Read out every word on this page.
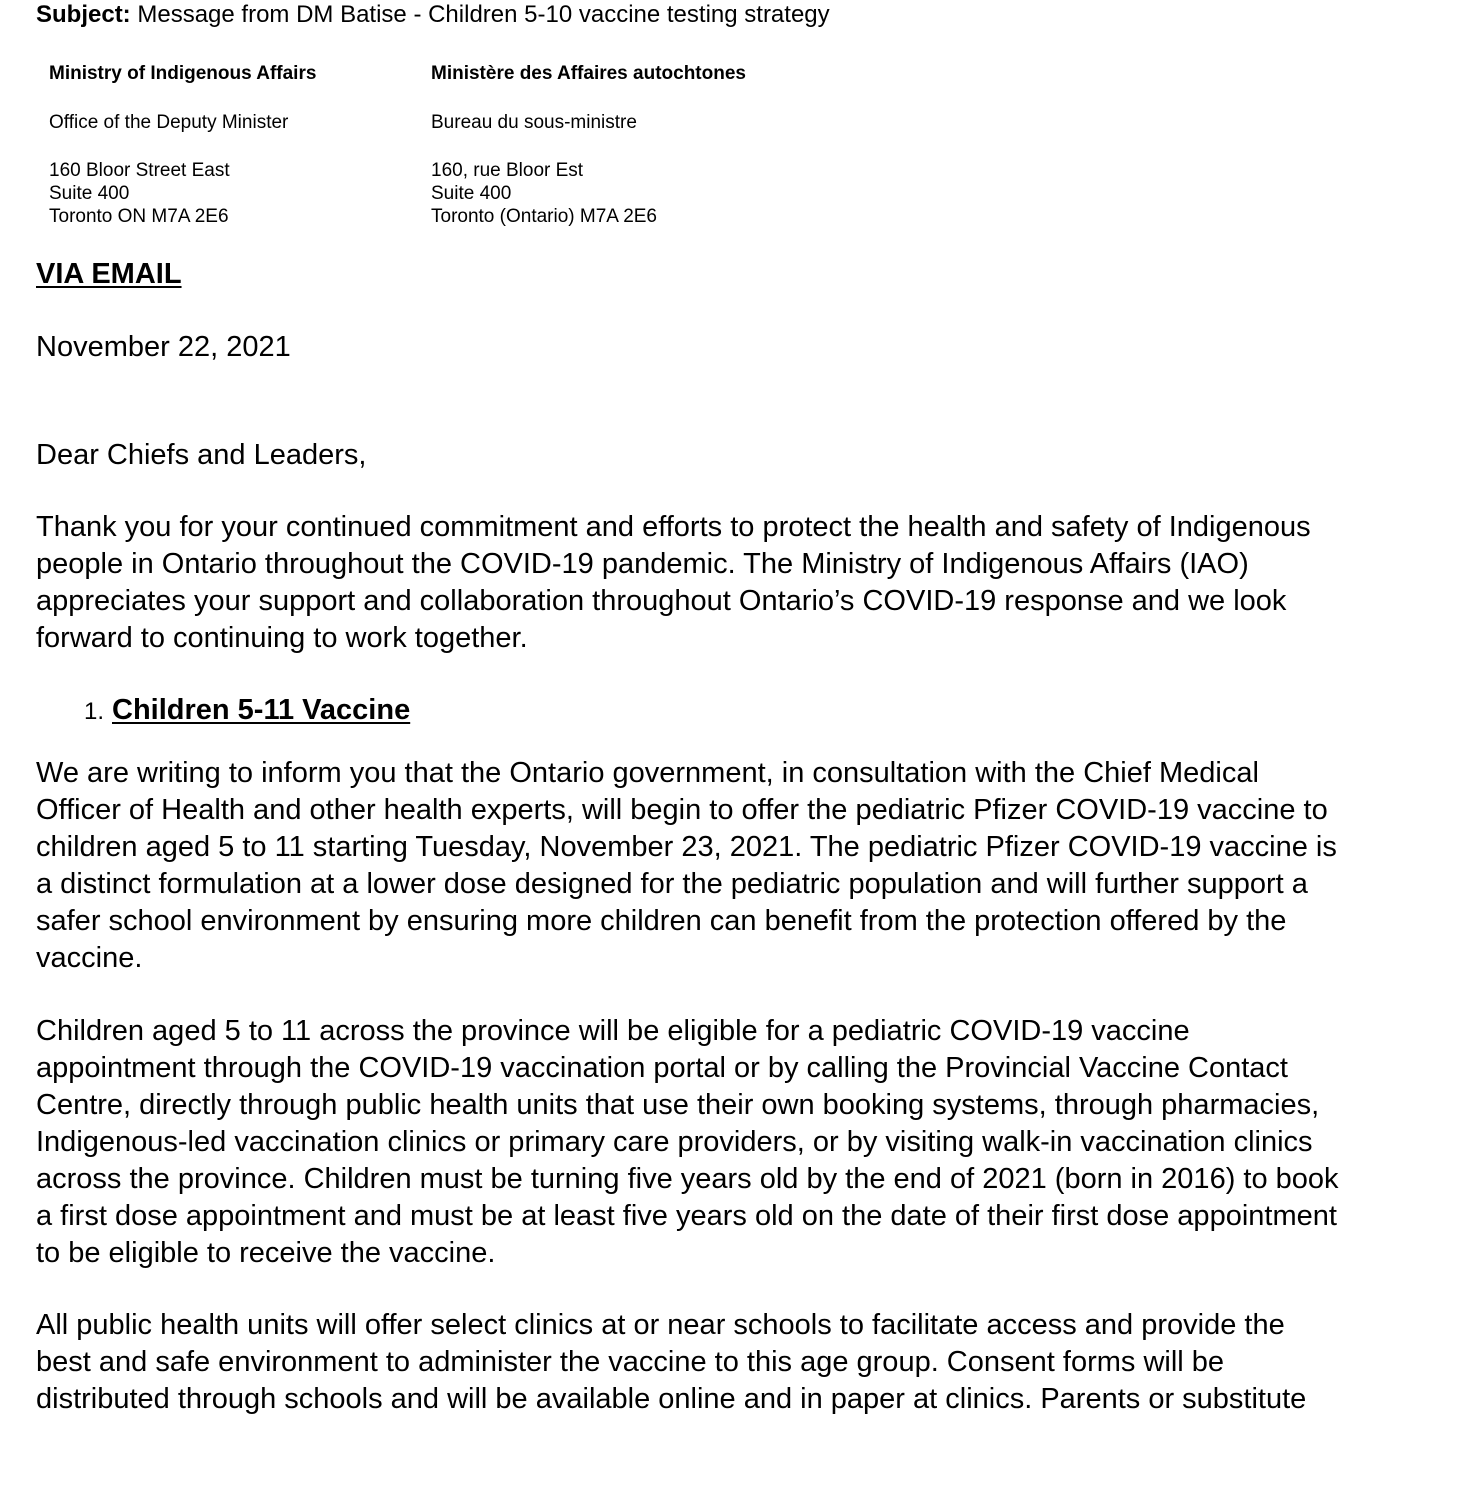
Subject: Message from DM Batise - Children 5-10 vaccine testing strategy
Ministry of Indigenous Affairs
Office of the Deputy Minister
160 Bloor Street East
Suite 400
Toronto ON M7A 2E6
Ministère des Affaires autochtones
Bureau du sous-ministre
160, rue Bloor Est
Suite 400
Toronto (Ontario) M7A 2E6
VIA EMAIL
November 22, 2021
Dear Chiefs and Leaders,
Thank you for your continued commitment and efforts to protect the health and safety of Indigenous
people in Ontario throughout the COVID-19 pandemic. The Ministry of Indigenous Affairs (IAO)
appreciates your support and collaboration throughout Ontario’s COVID-19 response and we look
forward to continuing to work together.
1. Children 5-11 Vaccine
We are writing to inform you that the Ontario government, in consultation with the Chief Medical
Officer of Health and other health experts, will begin to offer the pediatric Pfizer COVID-19 vaccine to
children aged 5 to 11 starting Tuesday, November 23, 2021. The pediatric Pfizer COVID-19 vaccine is
a distinct formulation at a lower dose designed for the pediatric population and will further support a
safer school environment by ensuring more children can benefit from the protection offered by the
vaccine.
Children aged 5 to 11 across the province will be eligible for a pediatric COVID-19 vaccine
appointment through the COVID-19 vaccination portal or by calling the Provincial Vaccine Contact
Centre, directly through public health units that use their own booking systems, through pharmacies,
Indigenous-led vaccination clinics or primary care providers, or by visiting walk-in vaccination clinics
across the province. Children must be turning five years old by the end of 2021 (born in 2016) to book
a first dose appointment and must be at least five years old on the date of their first dose appointment
to be eligible to receive the vaccine.
All public health units will offer select clinics at or near schools to facilitate access and provide the
best and safe environment to administer the vaccine to this age group. Consent forms will be
distributed through schools and will be available online and in paper at clinics. Parents or substitute
